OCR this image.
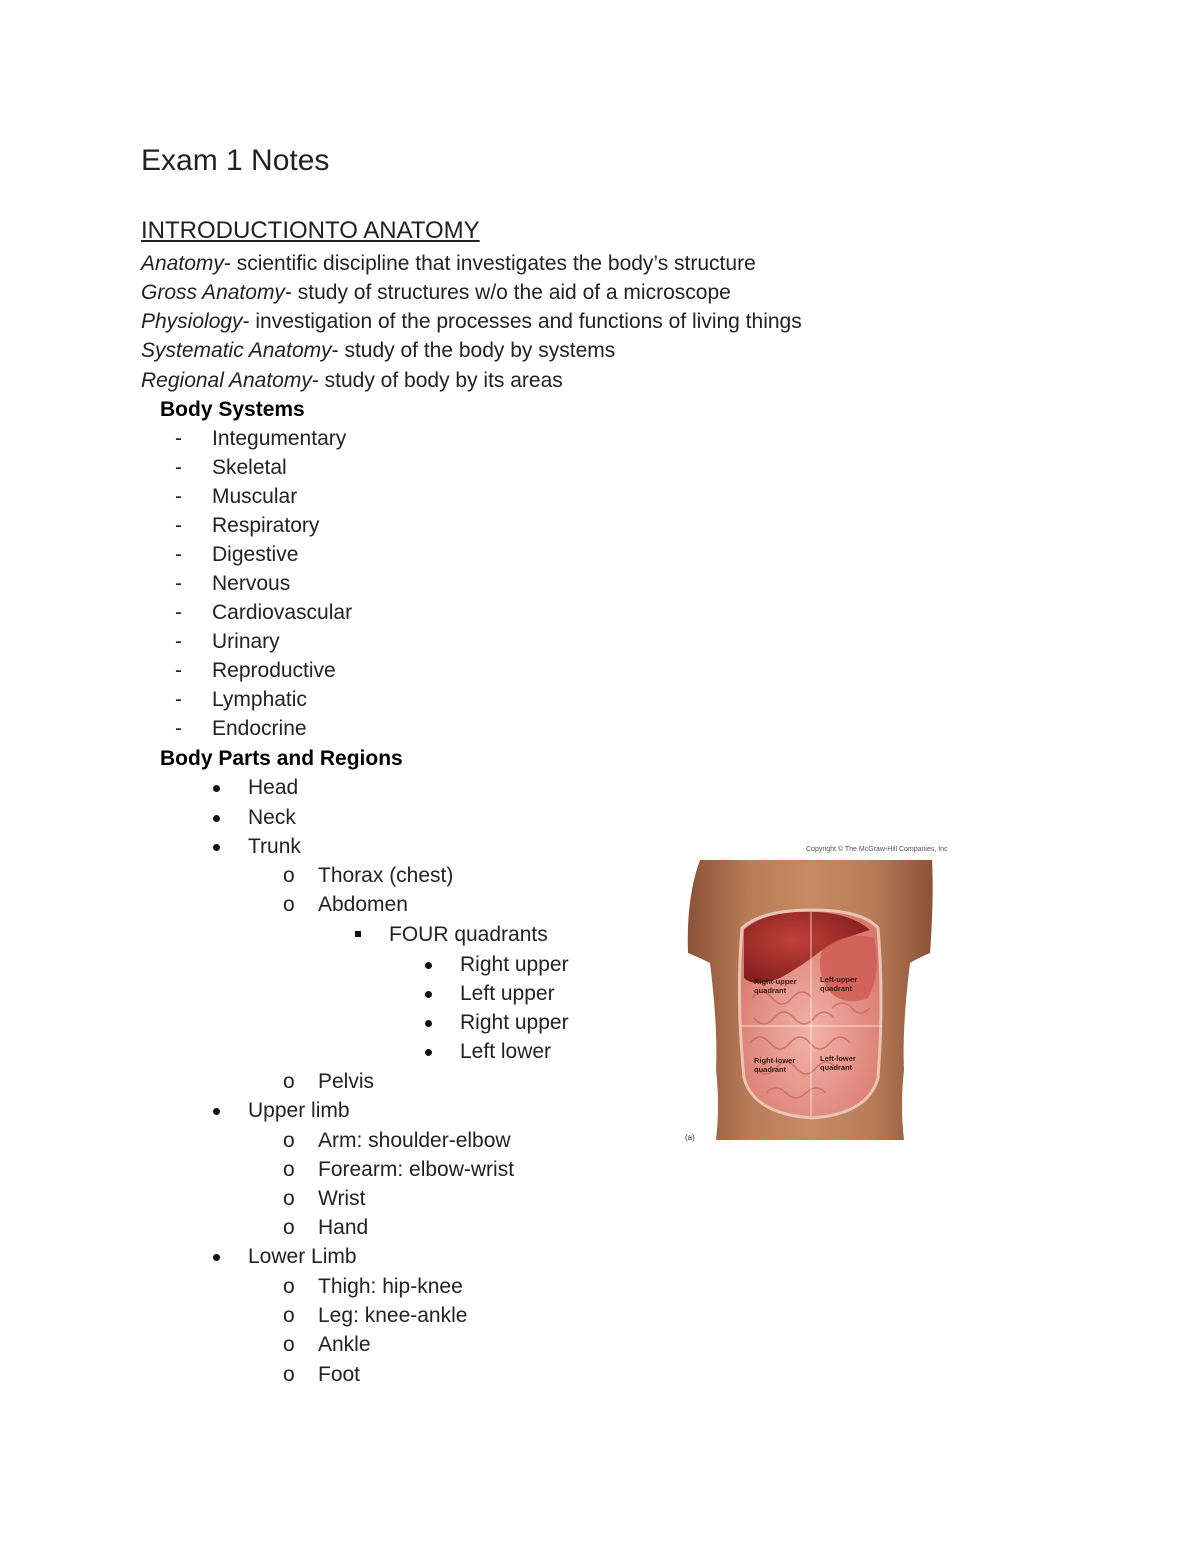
Exam 1 Notes
INTRODUCTIONTO ANATOMY
Anatomy- scientific discipline that investigates the body’s structure
Gross Anatomy- study of structures w/o the aid of a microscope
Physiology- investigation of the processes and functions of living things
Systematic Anatomy- study of the body by systems
Regional Anatomy- study of body by its areas
Body Systems
- Integumentary
- Skeletal
- Muscular
- Respiratory
- Digestive
- Nervous
- Cardiovascular
- Urinary
- Reproductive
- Lymphatic
- Endocrine
Body Parts and Regions
Head
Neck
Trunk
o Thorax (chest)
o Abdomen
FOUR quadrants
Right upper
Left upper
Right upper
Left lower
o Pelvis
Upper limb
o Arm: shoulder-elbow
o Forearm: elbow-wrist
o Wrist
o Hand
Lower Limb
o Thigh: hip-knee
o Leg: knee-ankle
o Ankle
o Foot
Copyright © The McGraw-Hill Companies, Inc
Right-upper
quadrant
Left-upper
quadrant
Right-lower
quadrant
Left-lower
quadrant
(a)
